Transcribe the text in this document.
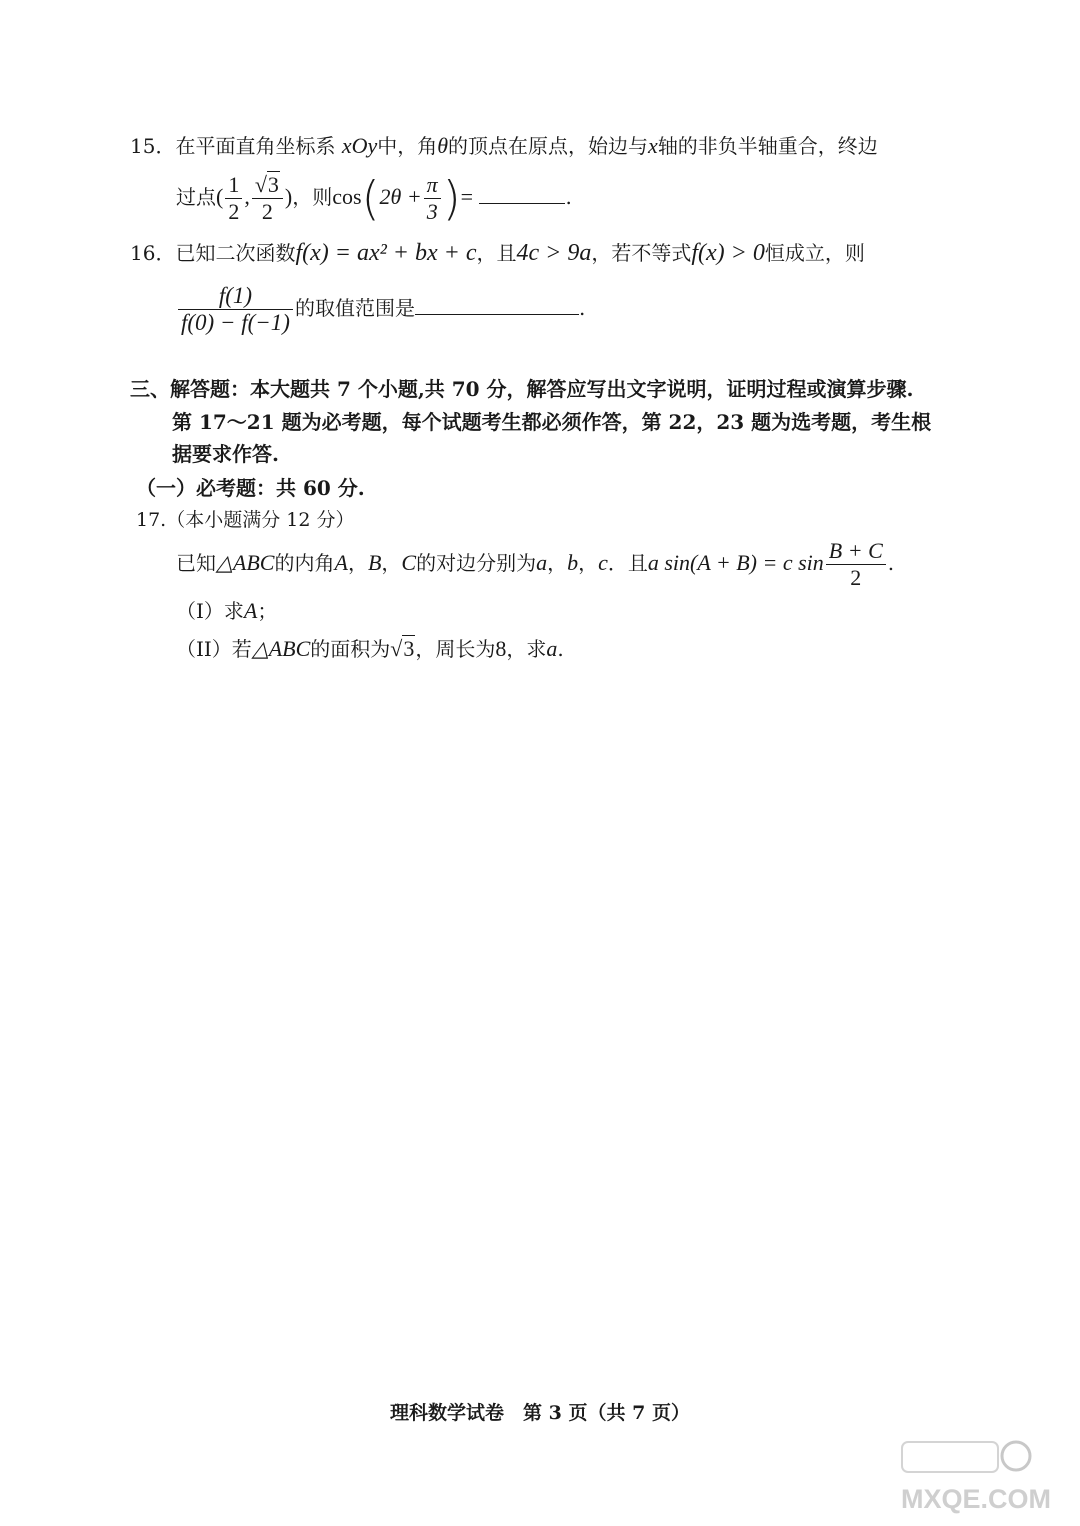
15．在平面直角坐标系 xOy中，角θ的顶点在原点，始边与x轴的非负半轴重合，终边
过点( $\frac{1}{2}$ , $\frac{√3}{2}$ )，则$\cos(2\theta + \frac{\pi}{3}$ )=	.
16．已知二次函数f(x) = ax² + bx + c，且4c > 9a，若不等式f(x) > 0恒成立，则
$\frac{f(1)}{f(0) - f(-1)}$ 的取值范围是	.
三、解答题：本大题共 7 个小题,共 70 分，解答应写出文字说明，证明过程或演算步骤.
第 17～21 题为必考题，每个试题考生都必须作答，第 22，23 题为选考题，考生根
据要求作答.
（一）必考题：共 60 分.
17.（本小题满分 12 分）
已知△ABC的内角A，B，C的对边分别为a，b，c．且a sin(A + B) = c $\sin \frac{B + C}{2}$ .
（I）求A；
（II）若△ABC的面积为√3，周长为8，求a.
理科数学试卷　第 3 页（共 7 页）
MXQE.COM
